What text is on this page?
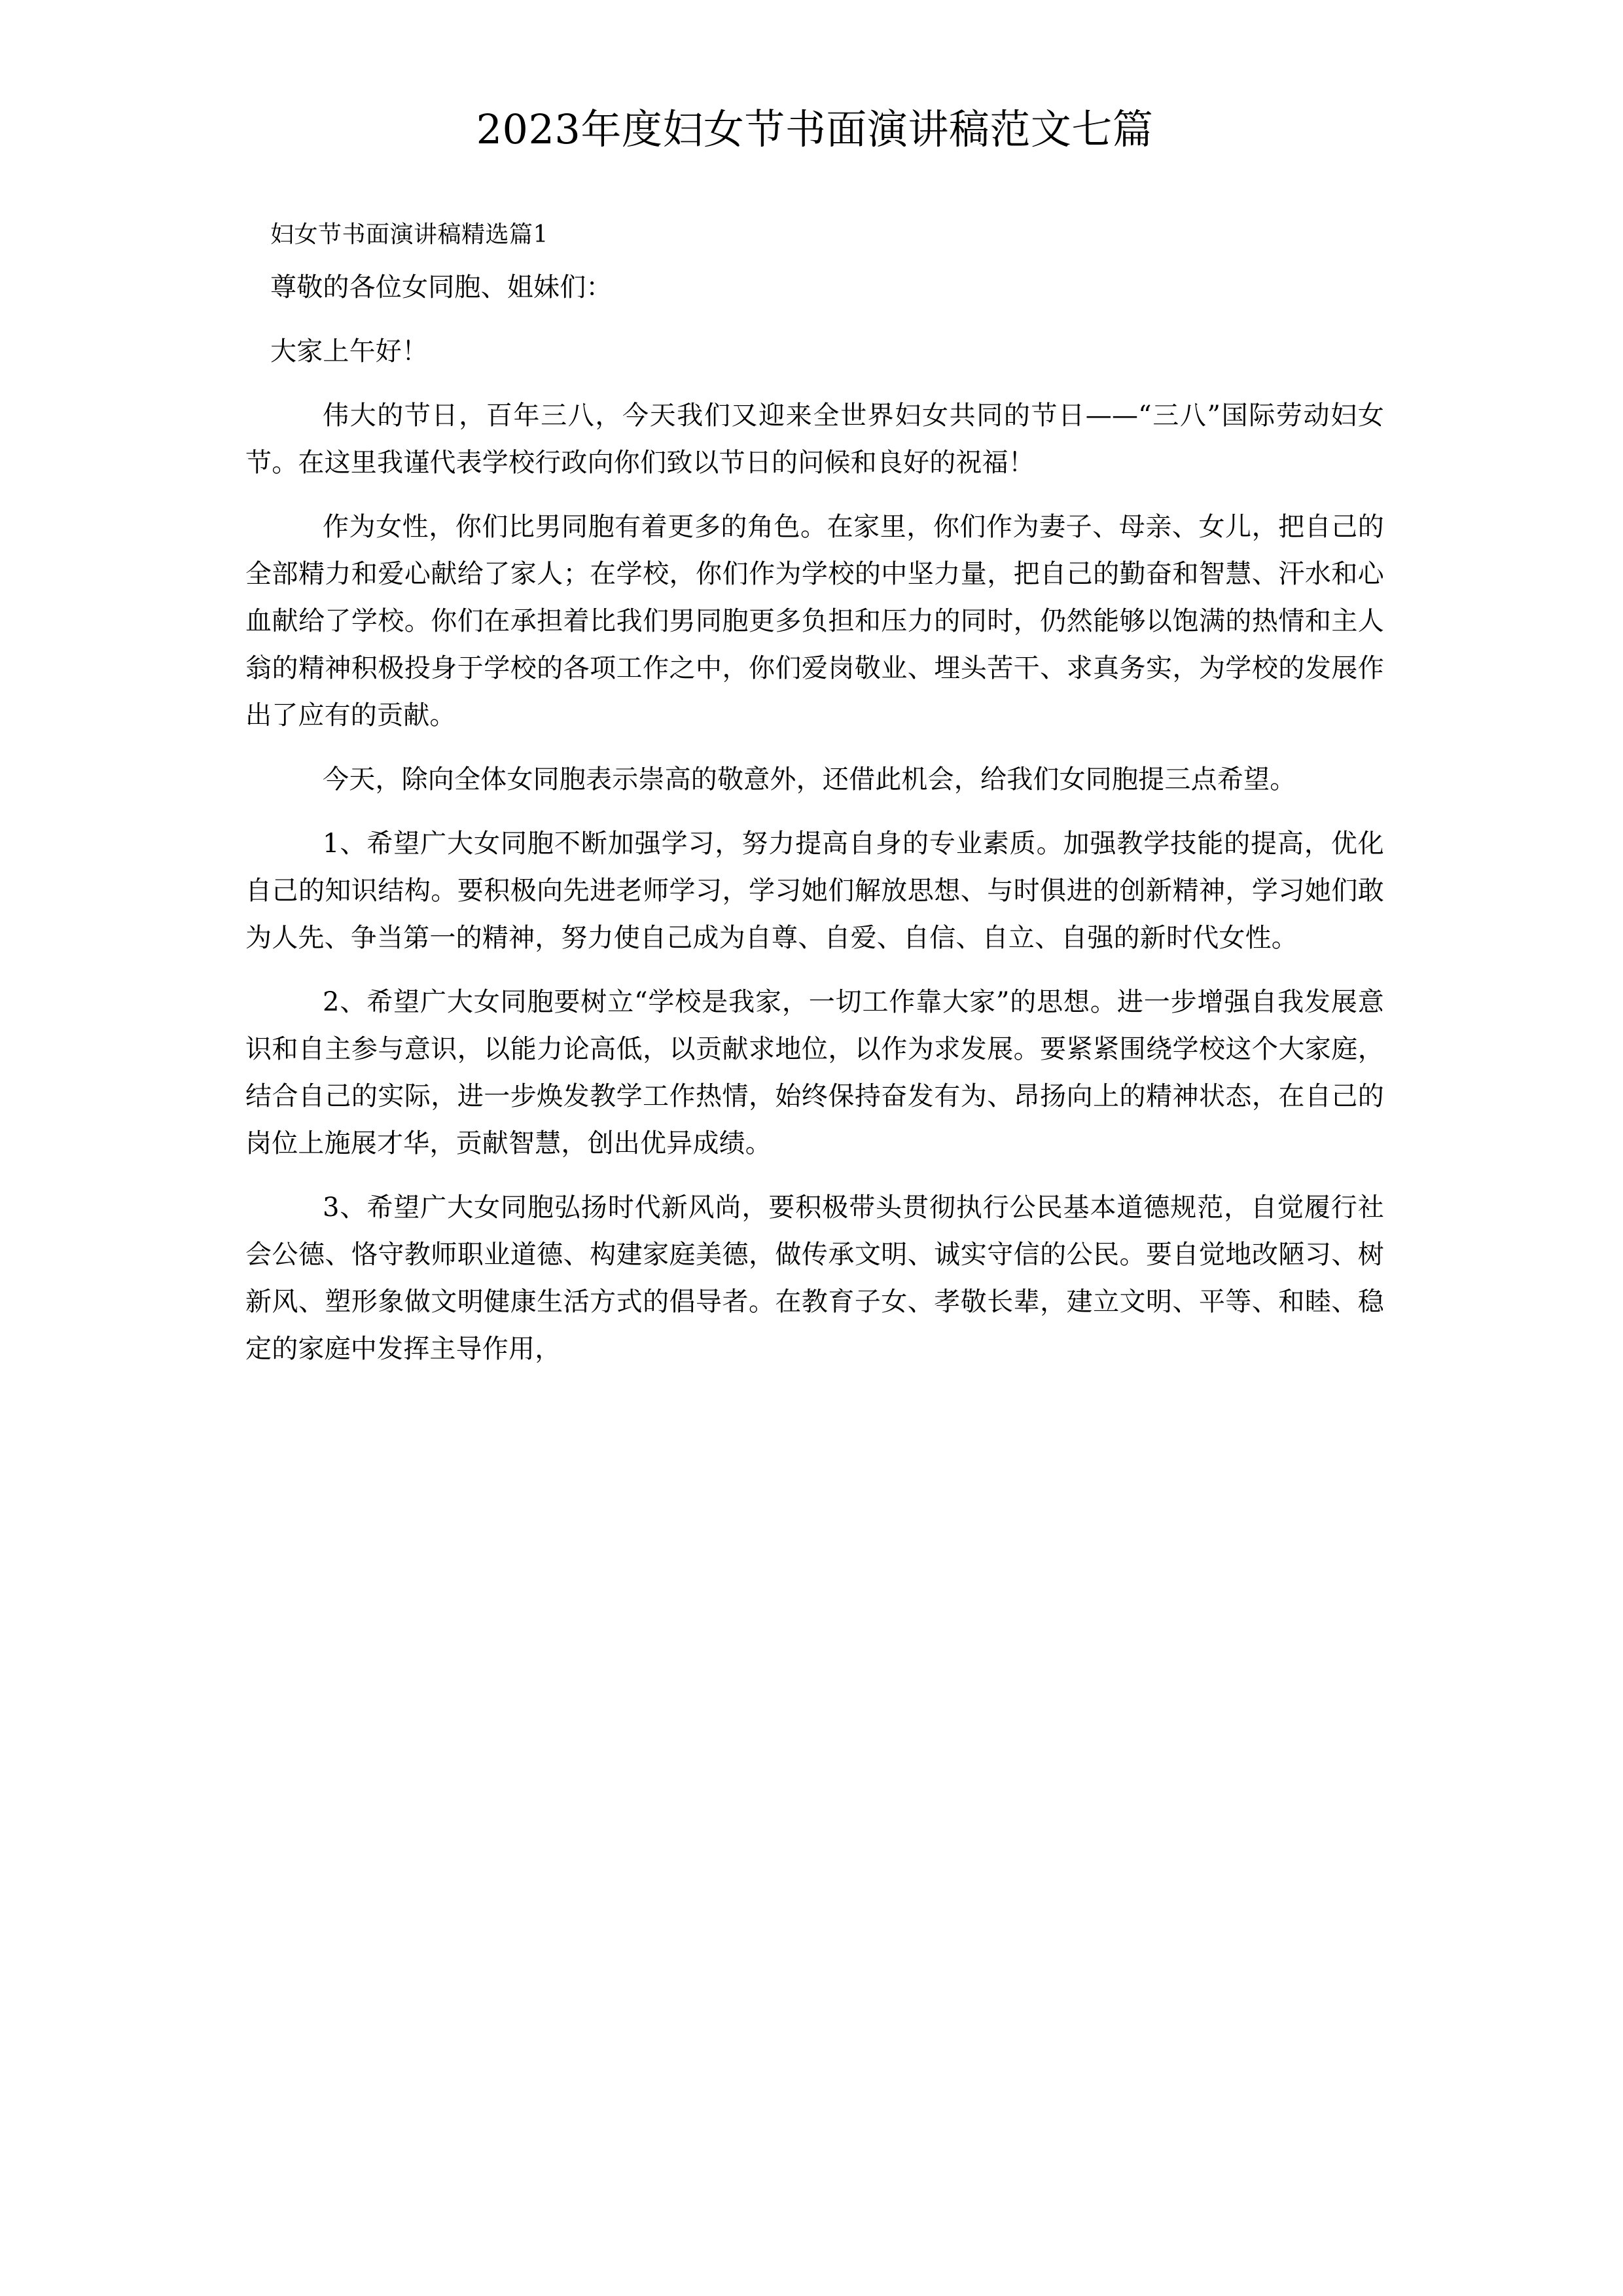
2023年度妇女节书面演讲稿范文七篇

妇女节书面演讲稿精选篇1

尊敬的各位女同胞、姐妹们：

大家上午好！

伟大的节日，百年三八，今天我们又迎来全世界妇女共同的节日——“三八”国际劳动妇女节。在这里我谨代表学校行政向你们致以节日的问候和良好的祝福！

作为女性，你们比男同胞有着更多的角色。在家里，你们作为妻子、母亲、女儿，把自己的全部精力和爱心献给了家人；在学校，你们作为学校的中坚力量，把自己的勤奋和智慧、汗水和心血献给了学校。你们在承担着比我们男同胞更多负担和压力的同时，仍然能够以饱满的热情和主人翁的精神积极投身于学校的各项工作之中，你们爱岗敬业、埋头苦干、求真务实，为学校的发展作出了应有的贡献。

今天，除向全体女同胞表示崇高的敬意外，还借此机会，给我们女同胞提三点希望。

1、希望广大女同胞不断加强学习，努力提高自身的专业素质。加强教学技能的提高，优化自己的知识结构。要积极向先进老师学习，学习她们解放思想、与时俱进的创新精神，学习她们敢为人先、争当第一的精神，努力使自己成为自尊、自爱、自信、自立、自强的新时代女性。

2、希望广大女同胞要树立“学校是我家，一切工作靠大家”的思想。进一步增强自我发展意识和自主参与意识，以能力论高低，以贡献求地位，以作为求发展。要紧紧围绕学校这个大家庭，结合自己的实际，进一步焕发教学工作热情，始终保持奋发有为、昂扬向上的精神状态，在自己的岗位上施展才华，贡献智慧，创出优异成绩。

3、希望广大女同胞弘扬时代新风尚，要积极带头贯彻执行公民基本道德规范，自觉履行社会公德、恪守教师职业道德、构建家庭美德，做传承文明、诚实守信的公民。要自觉地改陋习、树新风、塑形象做文明健康生活方式的倡导者。在教育子女、孝敬长辈，建立文明、平等、和睦、稳定的家庭中发挥主导作用，
